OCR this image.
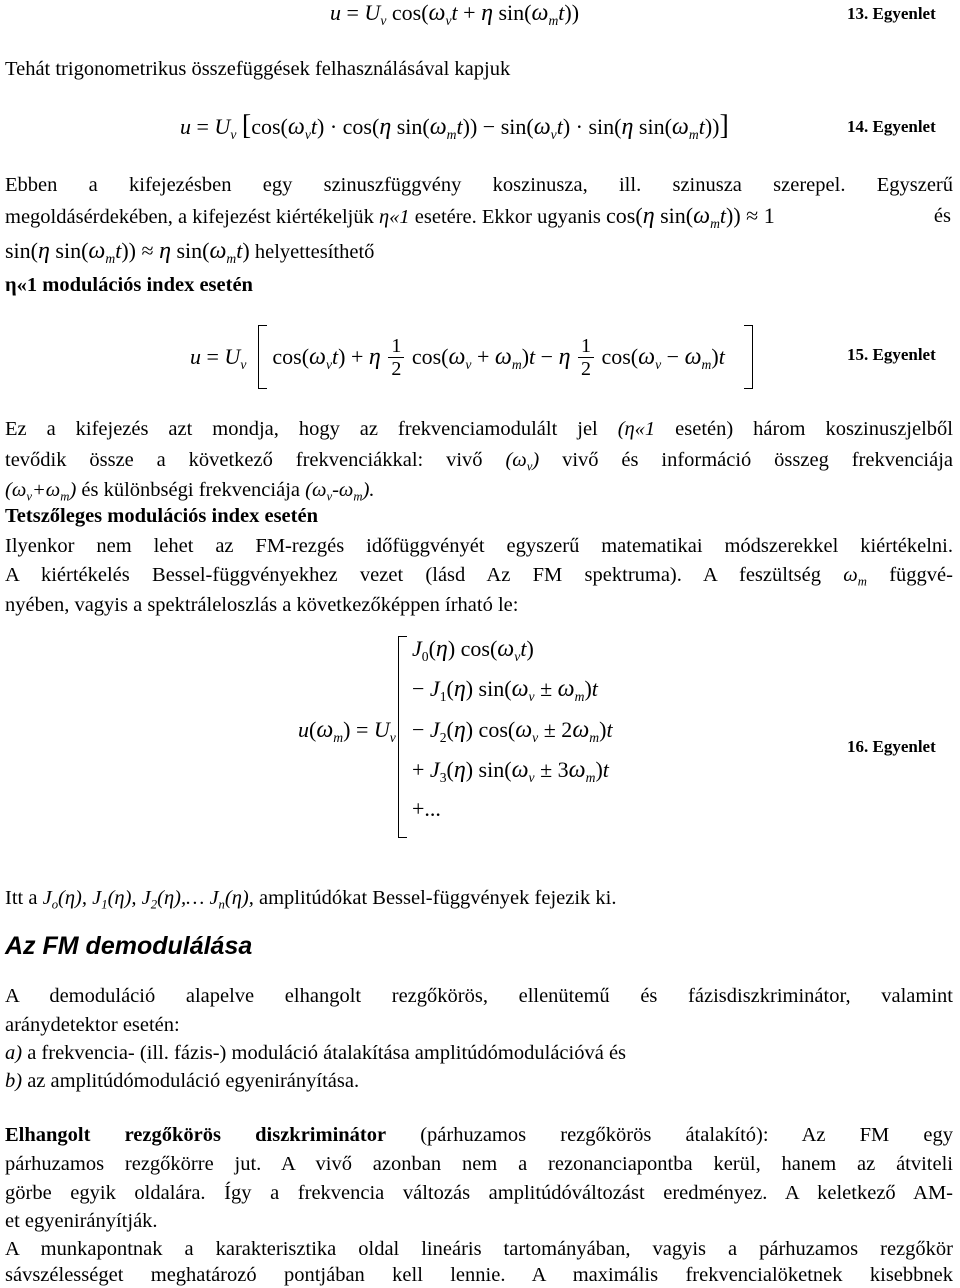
$u = U_v$ $\cos(\omega_vt + \eta$ $\sin(\omega_mt)$)	13. Egyenlet
Tehát trigonometrikus összefüggések felhasználásával kapjuk
$u = U_v$ [$\cos(\omega_vt) \cdot \cos(\eta$ $\sin(\omega_mt)) - \sin(\omega_vt) \cdot \sin(\eta$ $\sin(\omega_mt)$)]	14. Egyenlet
Ebben a kifejezésben egy szinuszfüggvény koszinusza, ill. szinusza szerepel. Egyszerű
megoldásérdekében, a kifejezést kiértékeljük η«1 esetére. Ekkor ugyanis cos(η $\sin(\omega_mt)) \approx 1$	és
sin(η $\sin(\omega_mt)) \approx \eta$ $\sin(\omega_mt)$ helyettesíthető
η«1 modulációs index esetén
$u = U_v$ $\cos(\omega_vt) + \eta \frac{1}{2} \cos(\omega_v + \omega_m)t - \eta \frac{1}{2} \cos(\omega_v - \omega_m)t$	15. Egyenlet
Ez a kifejezés azt mondja, hogy az frekvenciamodulált jel (η«1 esetén) három koszinuszjelből
tevődik össze a következő frekvenciákkal: vivő $(\omega_v)$ vivő és információ összeg frekvenciája
$(\omega_v+\omega_m)$ és különbségi frekvenciája $(\omega_v-\omega_m)$.
Tetszőleges modulációs index esetén
Ilyenkor nem lehet az FM-rezgés időfüggvényét egyszerű matematikai módszerekkel kiértékelni.
A kiértékelés Bessel-függvényekhez vezet (lásd Az FM spektruma). A feszültség $\omega_m$ függvé-
nyében, vagyis a spektráleloszlás a következőképpen írható le:
$u(\omega_m) = U_v$
$J_0(\eta)$ $\cos(\omega_vt)$
− $J_1(\eta) \sin(\omega_v \pm \omega_m)t$
− $J_2(\eta) \cos(\omega_v \pm 2\omega_m)t$
+ $J_3(\eta) \sin(\omega_v \pm 3\omega_m)t$
+...
16. Egyenlet
Itt a $J_o(\eta)$, $J_1(\eta)$, $J_2(\eta),\dots$ $J_n(\eta)$, amplitúdókat Bessel-függvények fejezik ki.
Az FM demodulálása
A demoduláció alapelve elhangolt rezgőkörös, ellenütemű és fázisdiszkriminátor, valamint
aránydetektor esetén:
a) a frekvencia- (ill. fázis-) moduláció átalakítása amplitúdómodulációvá és
b) az amplitúdómoduláció egyenirányítása.
Elhangolt rezgőkörös diszkriminátor (párhuzamos rezgőkörös átalakító): Az FM egy
párhuzamos rezgőkörre jut. A vivő azonban nem a rezonanciapontba kerül, hanem az átviteli
görbe egyik oldalára. Így a frekvencia változás amplitúdóváltozást eredményez. A keletkező AM-
et egyenirányítják.
A munkapontnak a karakterisztika oldal lineáris tartományában, vagyis a párhuzamos rezgőkör
sávszélességet meghatározó pontjában kell lennie. A maximális frekvencialöketnek kisebbnek
